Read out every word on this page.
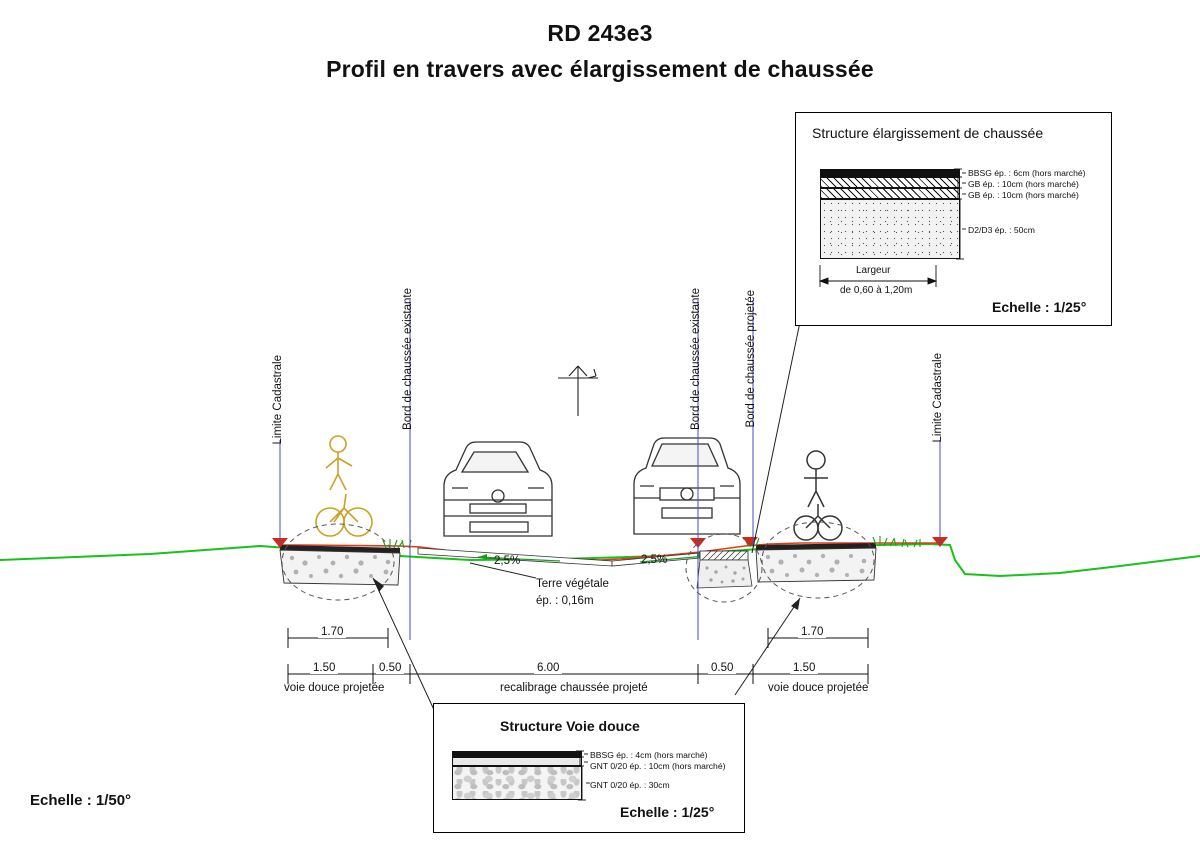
RD 243e3
Profil en travers avec élargissement de chaussée
Limite Cadastrale	Bord de chaussée existante	Bord de chaussée existante	Bord de chaussée projetée	Limite Cadastrale
2,5%	2,5%
Terre végétale
ép. : 0,16m
1.70	1.70
1.50	0.50	6.00	0.50	1.50
voie douce projetée	recalibrage chaussée projeté	voie douce projetée
Structure élargissement de chaussée
BBSG ép. : 6cm (hors marché)
GB ép. : 10cm (hors marché)
GB ép. : 10cm (hors marché)
D2/D3 ép. : 50cm
Largeur
de 0,60 à 1,20m
Echelle : 1/25°
Structure Voie douce
BBSG ép. : 4cm (hors marché)
GNT 0/20 ép. : 10cm (hors marché)
GNT 0/20 ép. : 30cm
Echelle : 1/25°
Echelle : 1/50°
